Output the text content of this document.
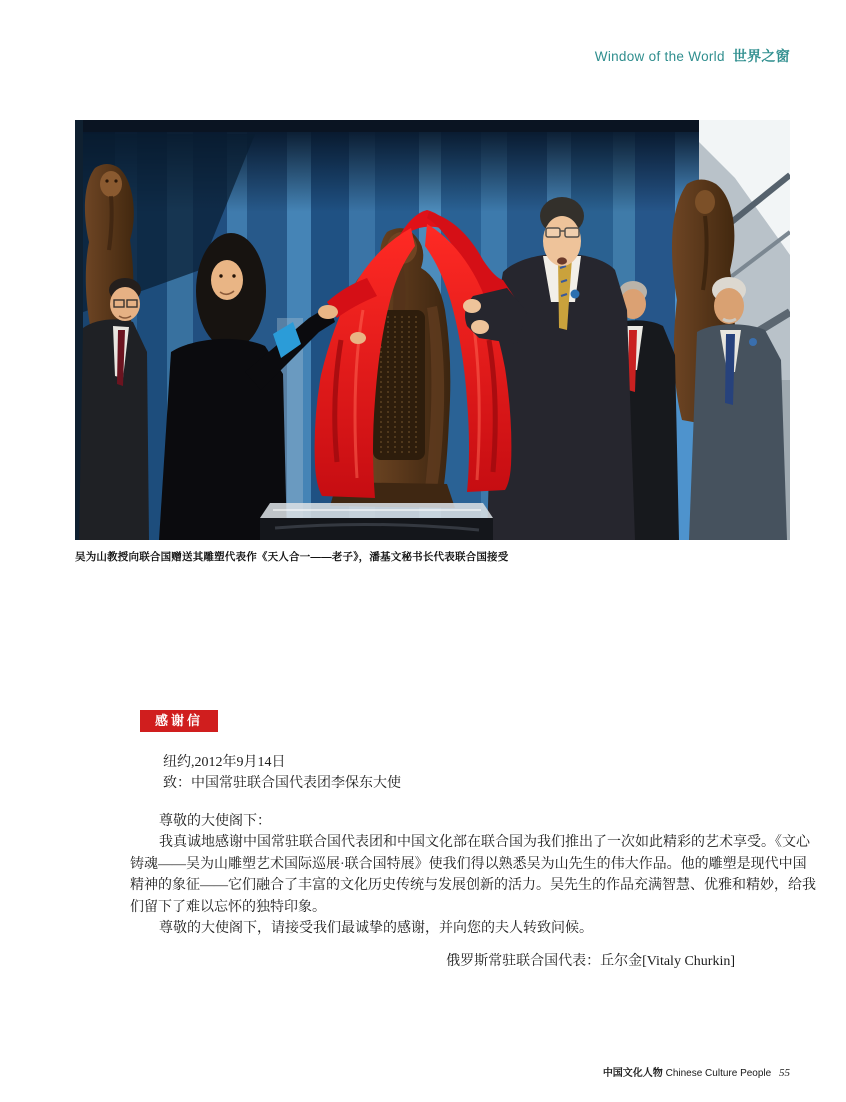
Window of the World 世界之窗
吴为山教授向联合国赠送其雕塑代表作《天人合一——老子》，潘基文秘书长代表联合国接受
感谢信
纽约,2012年9月14日
致：中国常驻联合国代表团李保东大使
尊敬的大使阁下：
我真诚地感谢中国常驻联合国代表团和中国文化部在联合国为我们推出了一次如此精彩的艺术享受。《文心
铸魂——吴为山雕塑艺术国际巡展·联合国特展》使我们得以熟悉吴为山先生的伟大作品。他的雕塑是现代中国
精神的象征——它们融合了丰富的文化历史传统与发展创新的活力。吴先生的作品充满智慧、优雅和精妙，给我
们留下了难以忘怀的独特印象。
尊敬的大使阁下，请接受我们最诚挚的感谢，并向您的夫人转致问候。
俄罗斯常驻联合国代表：丘尔金[Vitaly Churkin]
中国文化人物 Chinese Culture People 55
